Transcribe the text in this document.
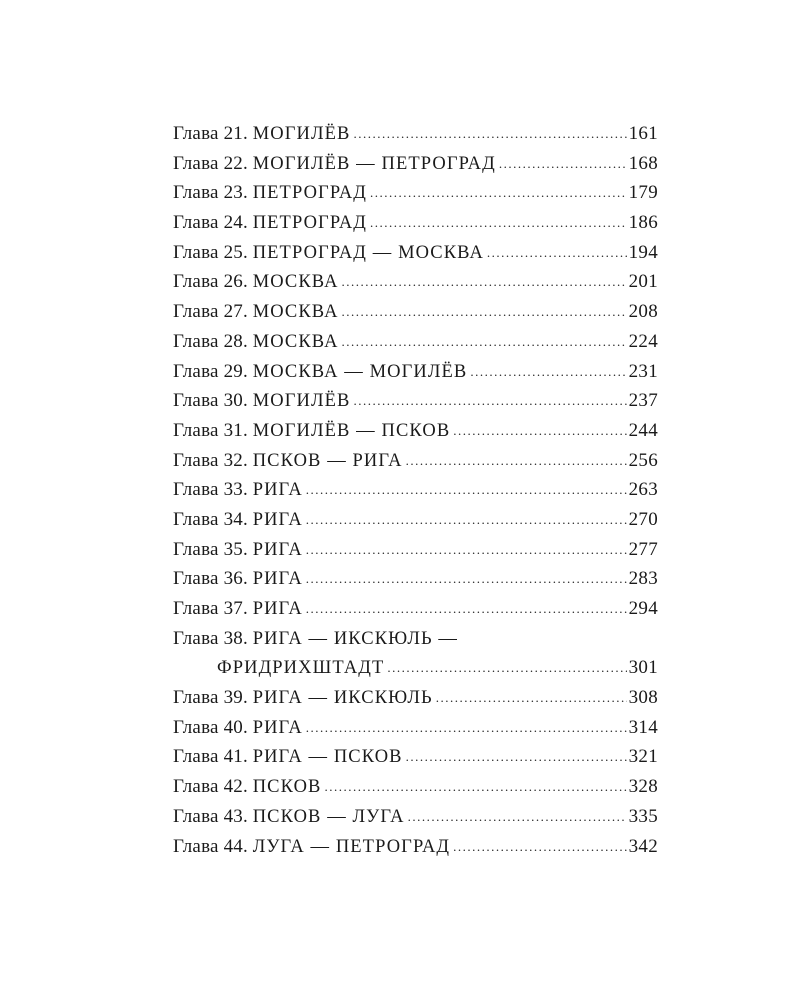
Глава 21. МОГИЛЁВ .....	161
Глава 22. МОГИЛЁВ — ПЕТРОГРАД .....	168
Глава 23. ПЕТРОГРАД .....	179
Глава 24. ПЕТРОГРАД .....	186
Глава 25. ПЕТРОГРАД — МОСКВА .....	194
Глава 26. МОСКВА .....	201
Глава 27. МОСКВА .....	208
Глава 28. МОСКВА .....	224
Глава 29. МОСКВА — МОГИЛЁВ .....	231
Глава 30. МОГИЛЁВ .....	237
Глава 31. МОГИЛЁВ — ПСКОВ .....	244
Глава 32. ПСКОВ — РИГА .....	256
Глава 33. РИГА .....	263
Глава 34. РИГА .....	270
Глава 35. РИГА .....	277
Глава 36. РИГА .....	283
Глава 37. РИГА .....	294
Глава 38. РИГА — ИКСКЮЛЬ —
ФРИДРИХШТАДТ .....	301
Глава 39. РИГА — ИКСКЮЛЬ .....	308
Глава 40. РИГА .....	314
Глава 41. РИГА — ПСКОВ .....	321
Глава 42. ПСКОВ .....	328
Глава 43. ПСКОВ — ЛУГА .....	335
Глава 44. ЛУГА — ПЕТРОГРАД .....	342
